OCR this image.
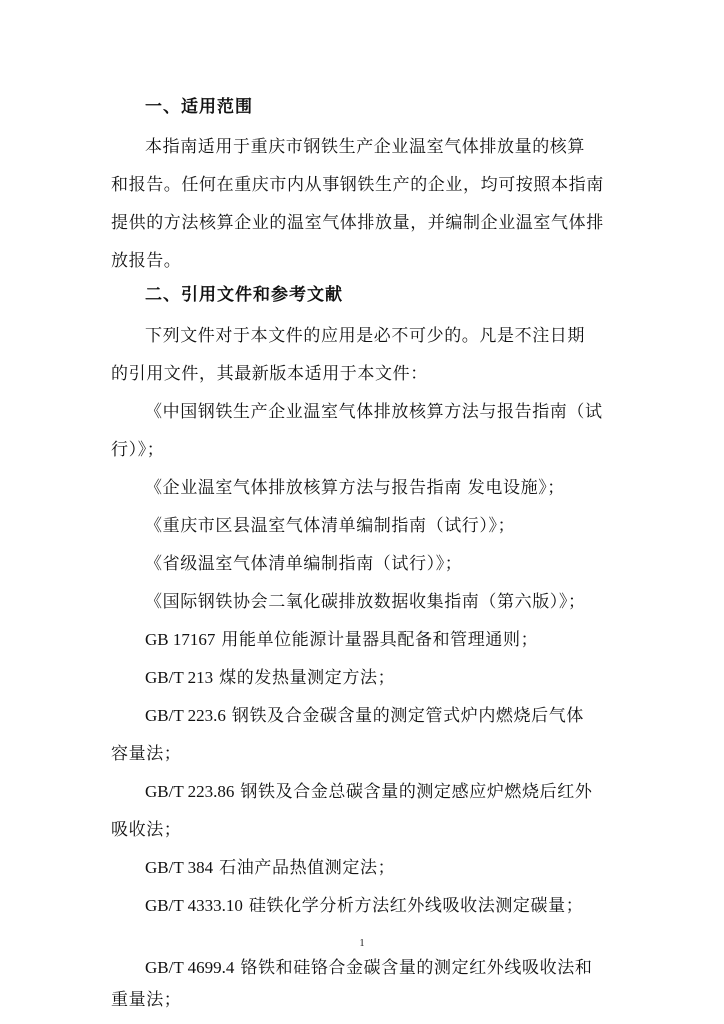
一、适用范围
本指南适用于重庆市钢铁生产企业温室气体排放量的核算
和报告。任何在重庆市内从事钢铁生产的企业，均可按照本指南
提供的方法核算企业的温室气体排放量，并编制企业温室气体排
放报告。
二、引用文件和参考文献
下列文件对于本文件的应用是必不可少的。凡是不注日期
的引用文件，其最新版本适用于本文件：
《中国钢铁生产企业温室气体排放核算方法与报告指南（试
行）》；
《企业温室气体排放核算方法与报告指南 发电设施》；
《重庆市区县温室气体清单编制指南（试行）》；
《省级温室气体清单编制指南（试行）》；
《国际钢铁协会二氧化碳排放数据收集指南（第六版）》；
GB 17167 用能单位能源计量器具配备和管理通则；
GB/T 213 煤的发热量测定方法；
GB/T 223.6 钢铁及合金碳含量的测定管式炉内燃烧后气体
容量法；
GB/T 223.86 钢铁及合金总碳含量的测定感应炉燃烧后红外
吸收法；
GB/T 384 石油产品热值测定法；
GB/T 4333.10 硅铁化学分析方法红外线吸收法测定碳量；
1
GB/T 4699.4 铬铁和硅铬合金碳含量的测定红外线吸收法和
重量法；
